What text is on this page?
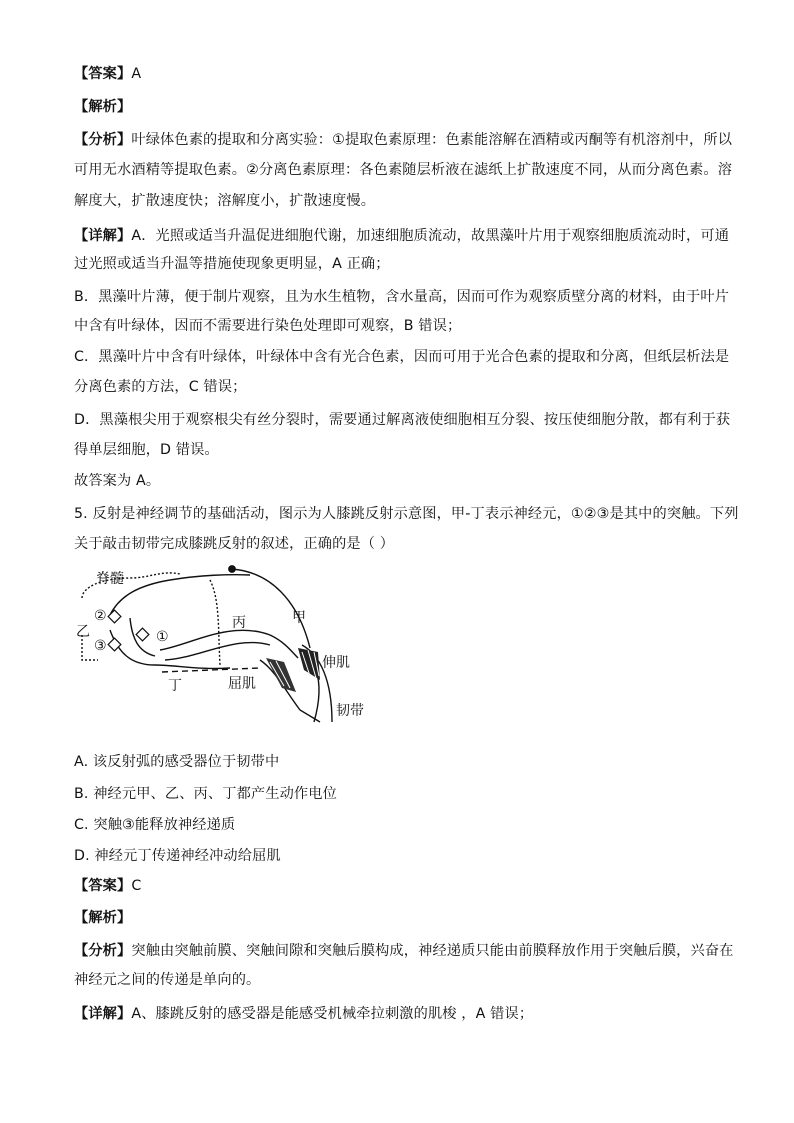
【答案】A
【解析】
【分析】叶绿体色素的提取和分离实验：①提取色素原理：色素能溶解在酒精或丙酮等有机溶剂中，所以
可用无水酒精等提取色素。②分离色素原理：各色素随层析液在滤纸上扩散速度不同，从而分离色素。溶
解度大，扩散速度快；溶解度小，扩散速度慢。
【详解】A．光照或适当升温促进细胞代谢，加速细胞质流动，故黑藻叶片用于观察细胞质流动时，可通
过光照或适当升温等措施使现象更明显，A 正确；
B．黑藻叶片薄，便于制片观察，且为水生植物，含水量高，因而可作为观察质壁分离的材料，由于叶片
中含有叶绿体，因而不需要进行染色处理即可观察，B 错误；
C．黑藻叶片中含有叶绿体，叶绿体中含有光合色素，因而可用于光合色素的提取和分离，但纸层析法是
分离色素的方法，C 错误；
D．黑藻根尖用于观察根尖有丝分裂时，需要通过解离液使细胞相互分裂、按压使细胞分散，都有利于获
得单层细胞，D 错误。
故答案为 A。
5. 反射是神经调节的基础活动，图示为人膝跳反射示意图，甲-丁表示神经元，①②③是其中的突触。下列
关于敲击韧带完成膝跳反射的叙述，正确的是（ ）
②
③
①
脊髓
乙
丙	甲
丁
伸肌
屈肌
韧带
A. 该反射弧的感受器位于韧带中
B. 神经元甲、乙、丙、丁都产生动作电位
C. 突触③能释放神经递质
D. 神经元丁传递神经冲动给屈肌
【答案】C
【解析】
【分析】突触由突触前膜、突触间隙和突触后膜构成，神经递质只能由前膜释放作用于突触后膜，兴奋在
神经元之间的传递是单向的。
【详解】A、膝跳反射的感受器是能感受机械牵拉刺激的肌梭 ，A 错误；
